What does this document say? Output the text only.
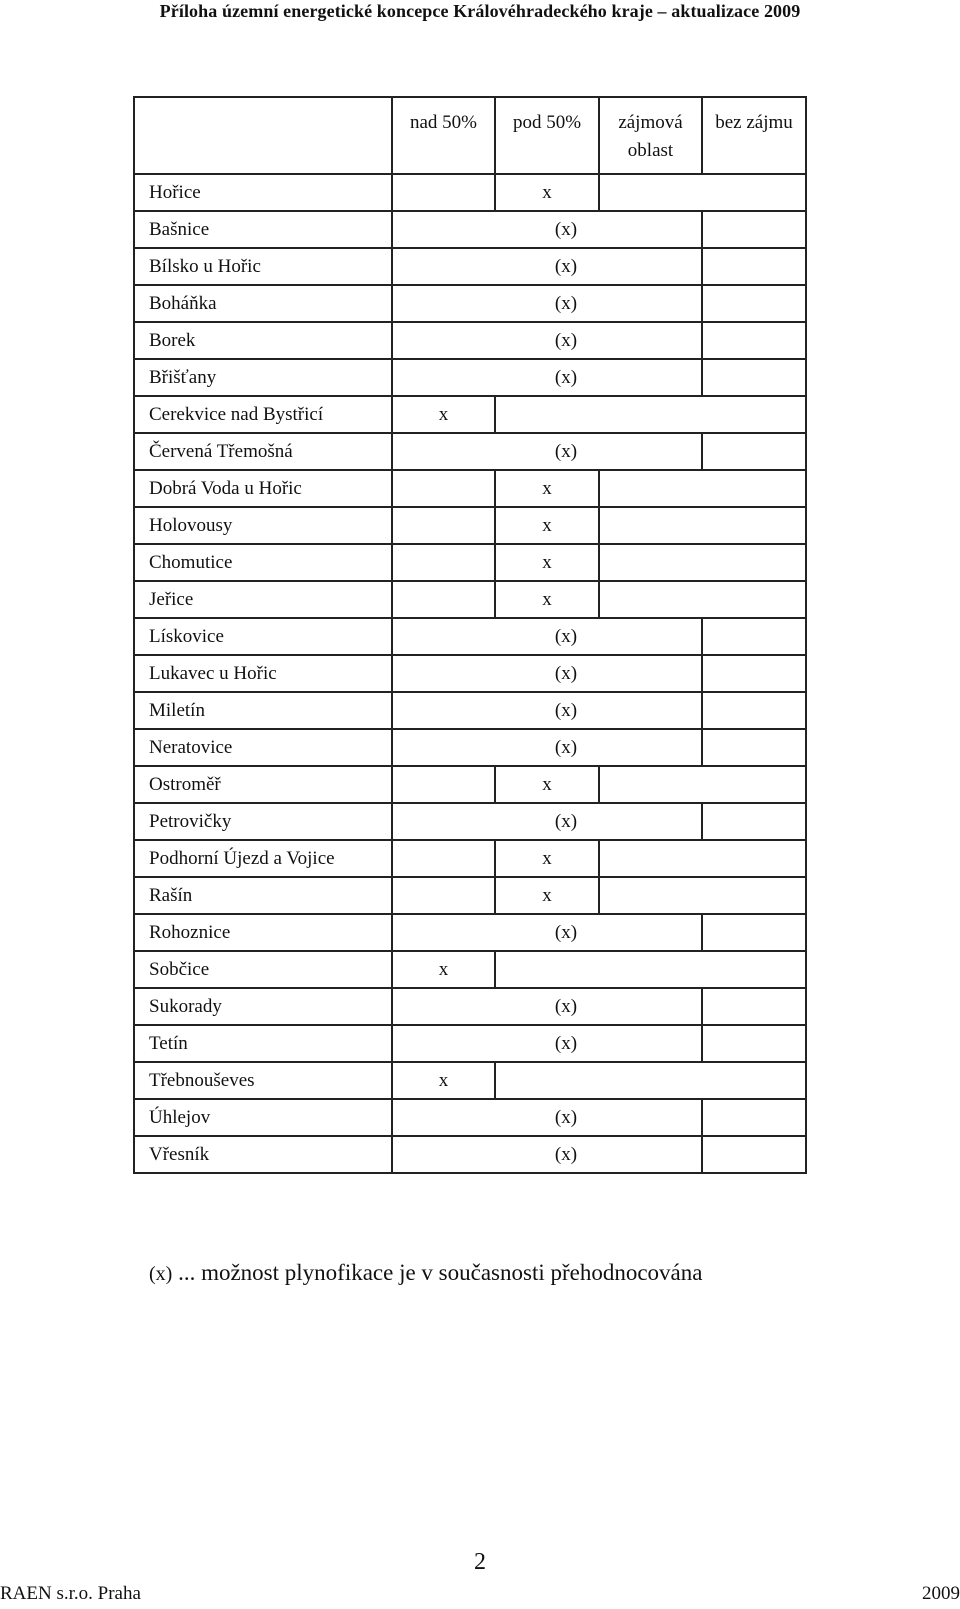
Příloha územní energetické koncepce Královéhradeckého kraje – aktualizace 2009
	nad 50%	pod 50%	zájmová oblast	bez zájmu
Hořice		x		
Bašnice	(x)			
Bílsko u Hořic	(x)			
Boháňka	(x)			
Borek	(x)			
Břišťany	(x)			
Cerekvice nad Bystřicí	x			
Červená Třemošná	(x)			
Dobrá Voda u Hořic		x		
Holovousy		x		
Chomutice		x		
Jeřice		x		
Lískovice	(x)			
Lukavec u Hořic	(x)			
Miletín	(x)			
Neratovice	(x)			
Ostroměř		x		
Petrovičky	(x)			
Podhorní Újezd a Vojice		x		
Rašín		x		
Rohoznice	(x)			
Sobčice	x			
Sukorady	(x)			
Tetín	(x)			
Třebnouševes	x			
Úhlejov	(x)			
Vřesník	(x)			
(x) ... možnost plynofikace je v současnosti přehodnocována
2
RAEN s.r.o. Praha	2009
